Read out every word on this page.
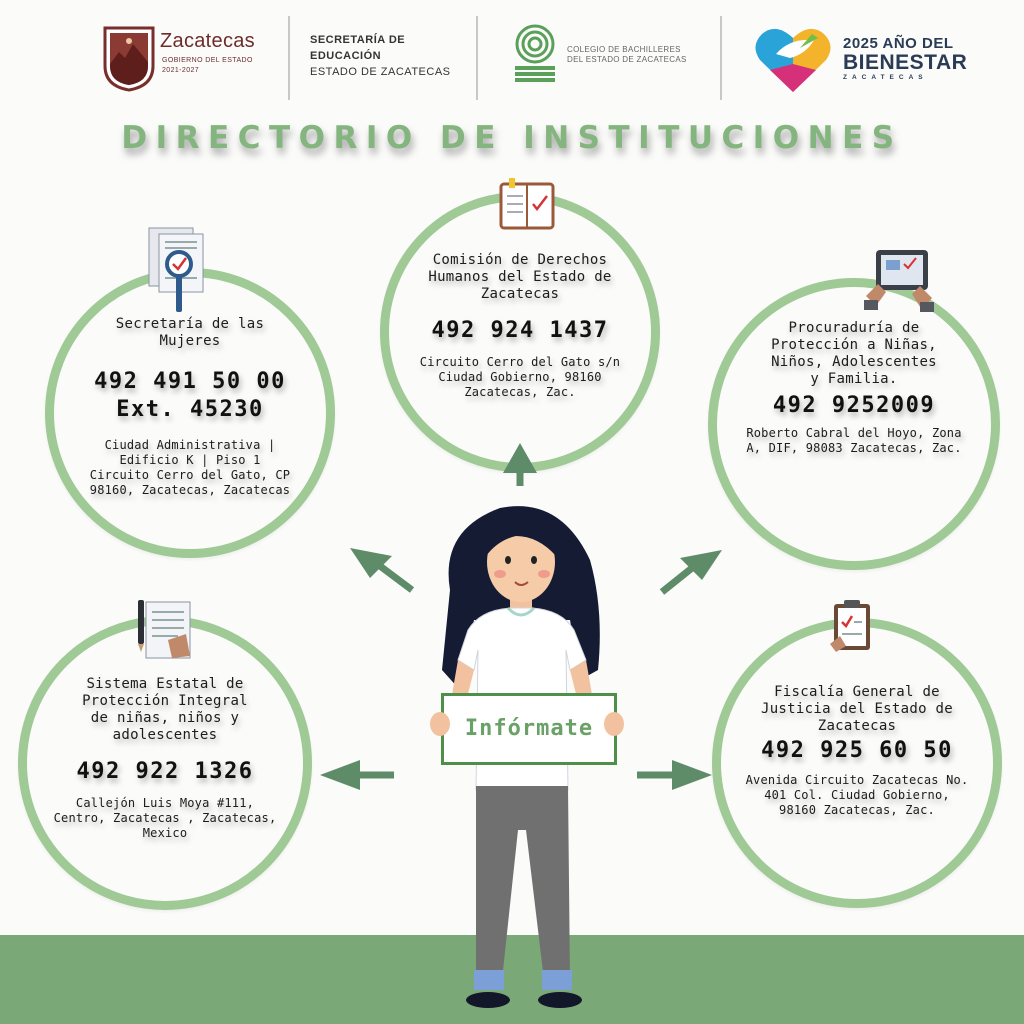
Zacatecas
GOBIERNO DEL ESTADO
2021-2027
SECRETARÍA DE
EDUCACIÓN
ESTADO DE ZACATECAS
COLEGIO DE BACHILLERES
DEL ESTADO DE ZACATECAS
2025 AÑO DEL
BIENESTAR
ZACATECAS
DIRECTORIO DE INSTITUCIONES
Secretaría de las Mujeres
492 491 50 00
Ext. 45230
Ciudad Administrativa |
Edificio K | Piso 1
Circuito Cerro del Gato, CP
98160, Zacatecas, Zacatecas
Comisión de Derechos
Humanos del Estado de
Zacatecas
492 924 1437
Circuito Cerro del Gato s/n
Ciudad Gobierno, 98160
Zacatecas, Zac.
Procuraduría de
Protección a Niñas,
Niños, Adolescentes
y Familia.
492 9252009
Roberto Cabral del Hoyo, Zona
A, DIF, 98083 Zacatecas, Zac.
Sistema Estatal de
Protección Integral
de niñas, niños y
adolescentes
492 922 1326
Callejón Luis Moya #111,
Centro, Zacatecas , Zacatecas,
Mexico
Fiscalía General de
Justicia del Estado de
Zacatecas
492 925 60 50
Avenida Circuito Zacatecas No.
401 Col. Ciudad Gobierno,
98160 Zacatecas, Zac.
Infórmate
